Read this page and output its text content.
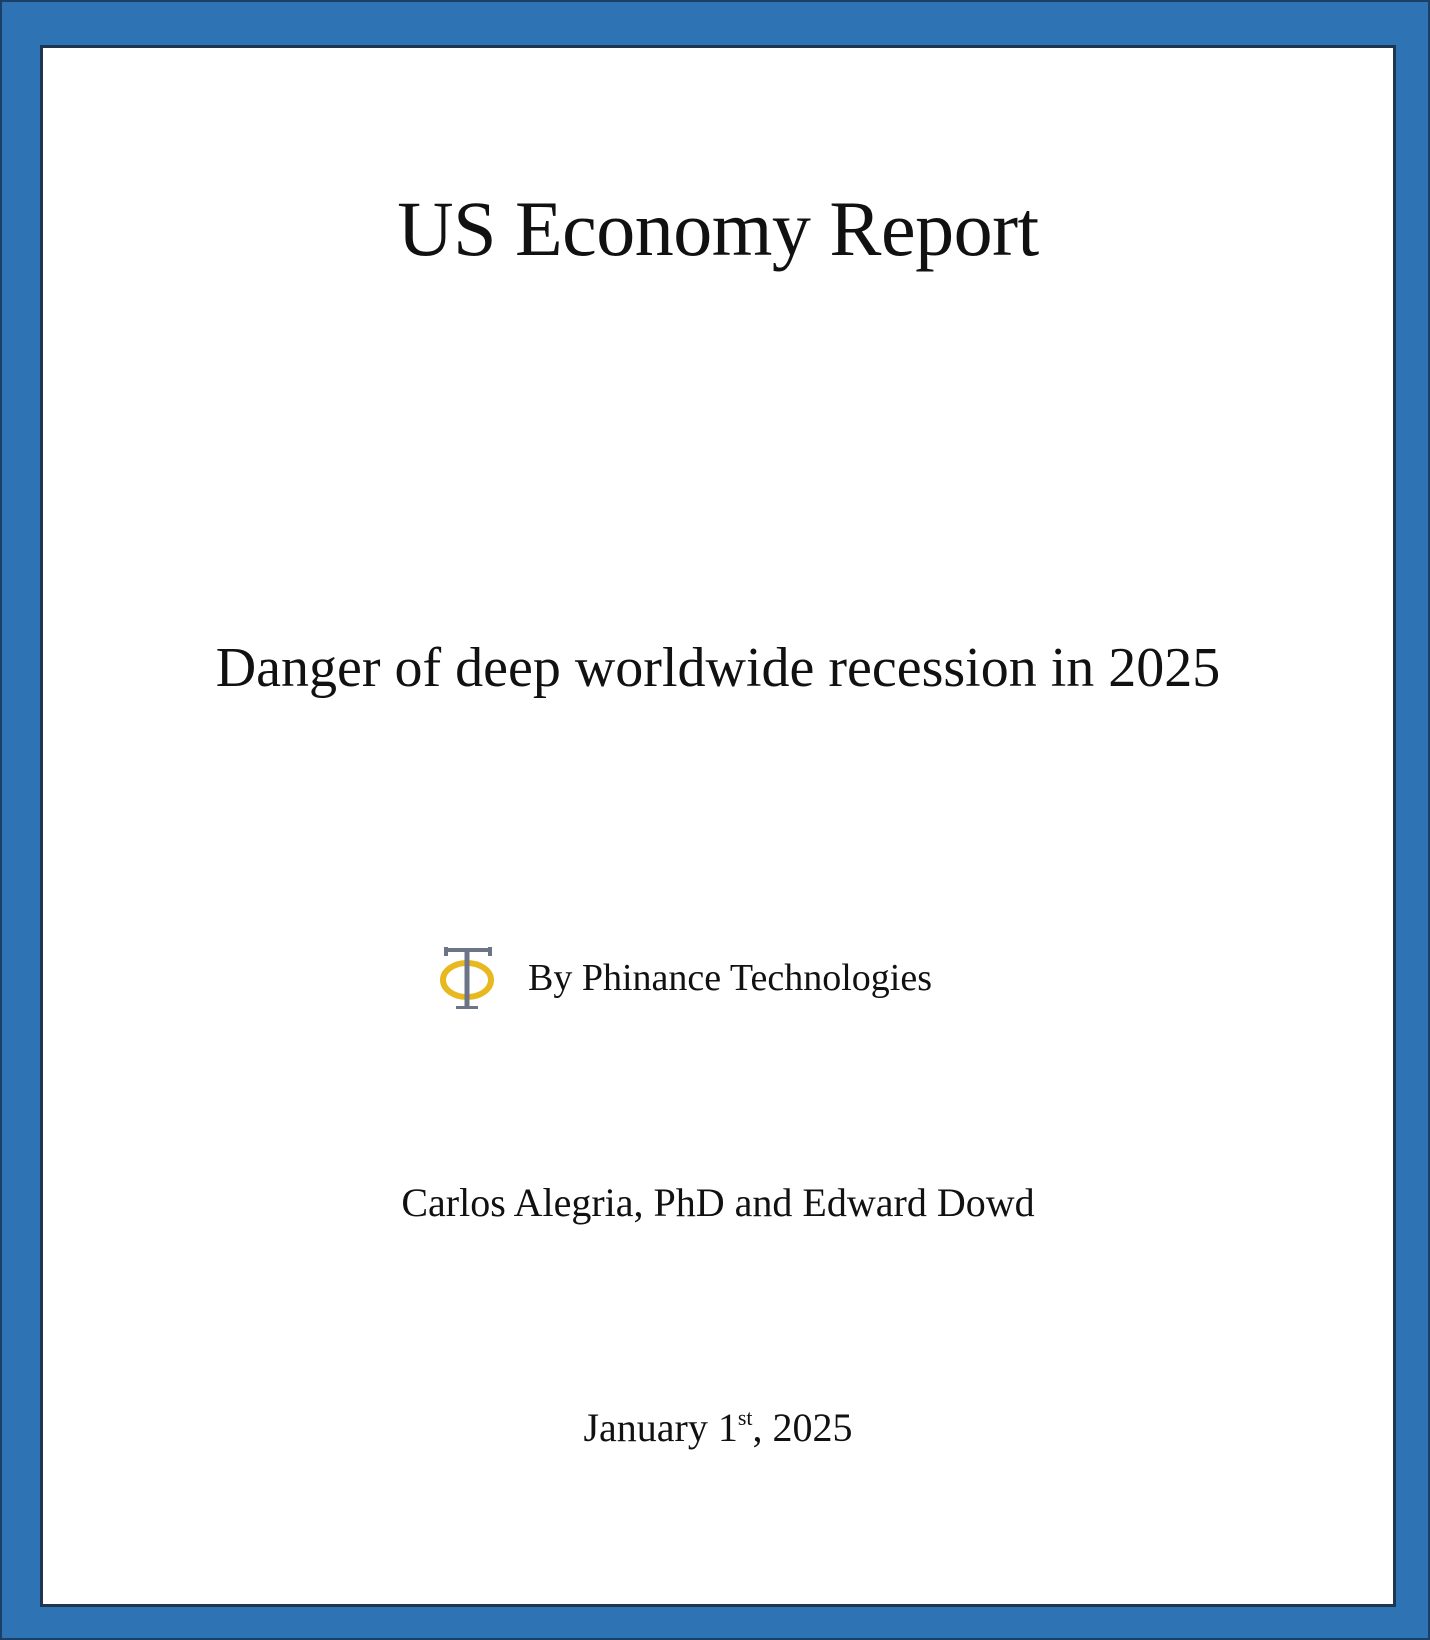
US Economy Report
Danger of deep worldwide recession in 2025
By Phinance Technologies
Carlos Alegria, PhD and Edward Dowd
January 1st, 2025
